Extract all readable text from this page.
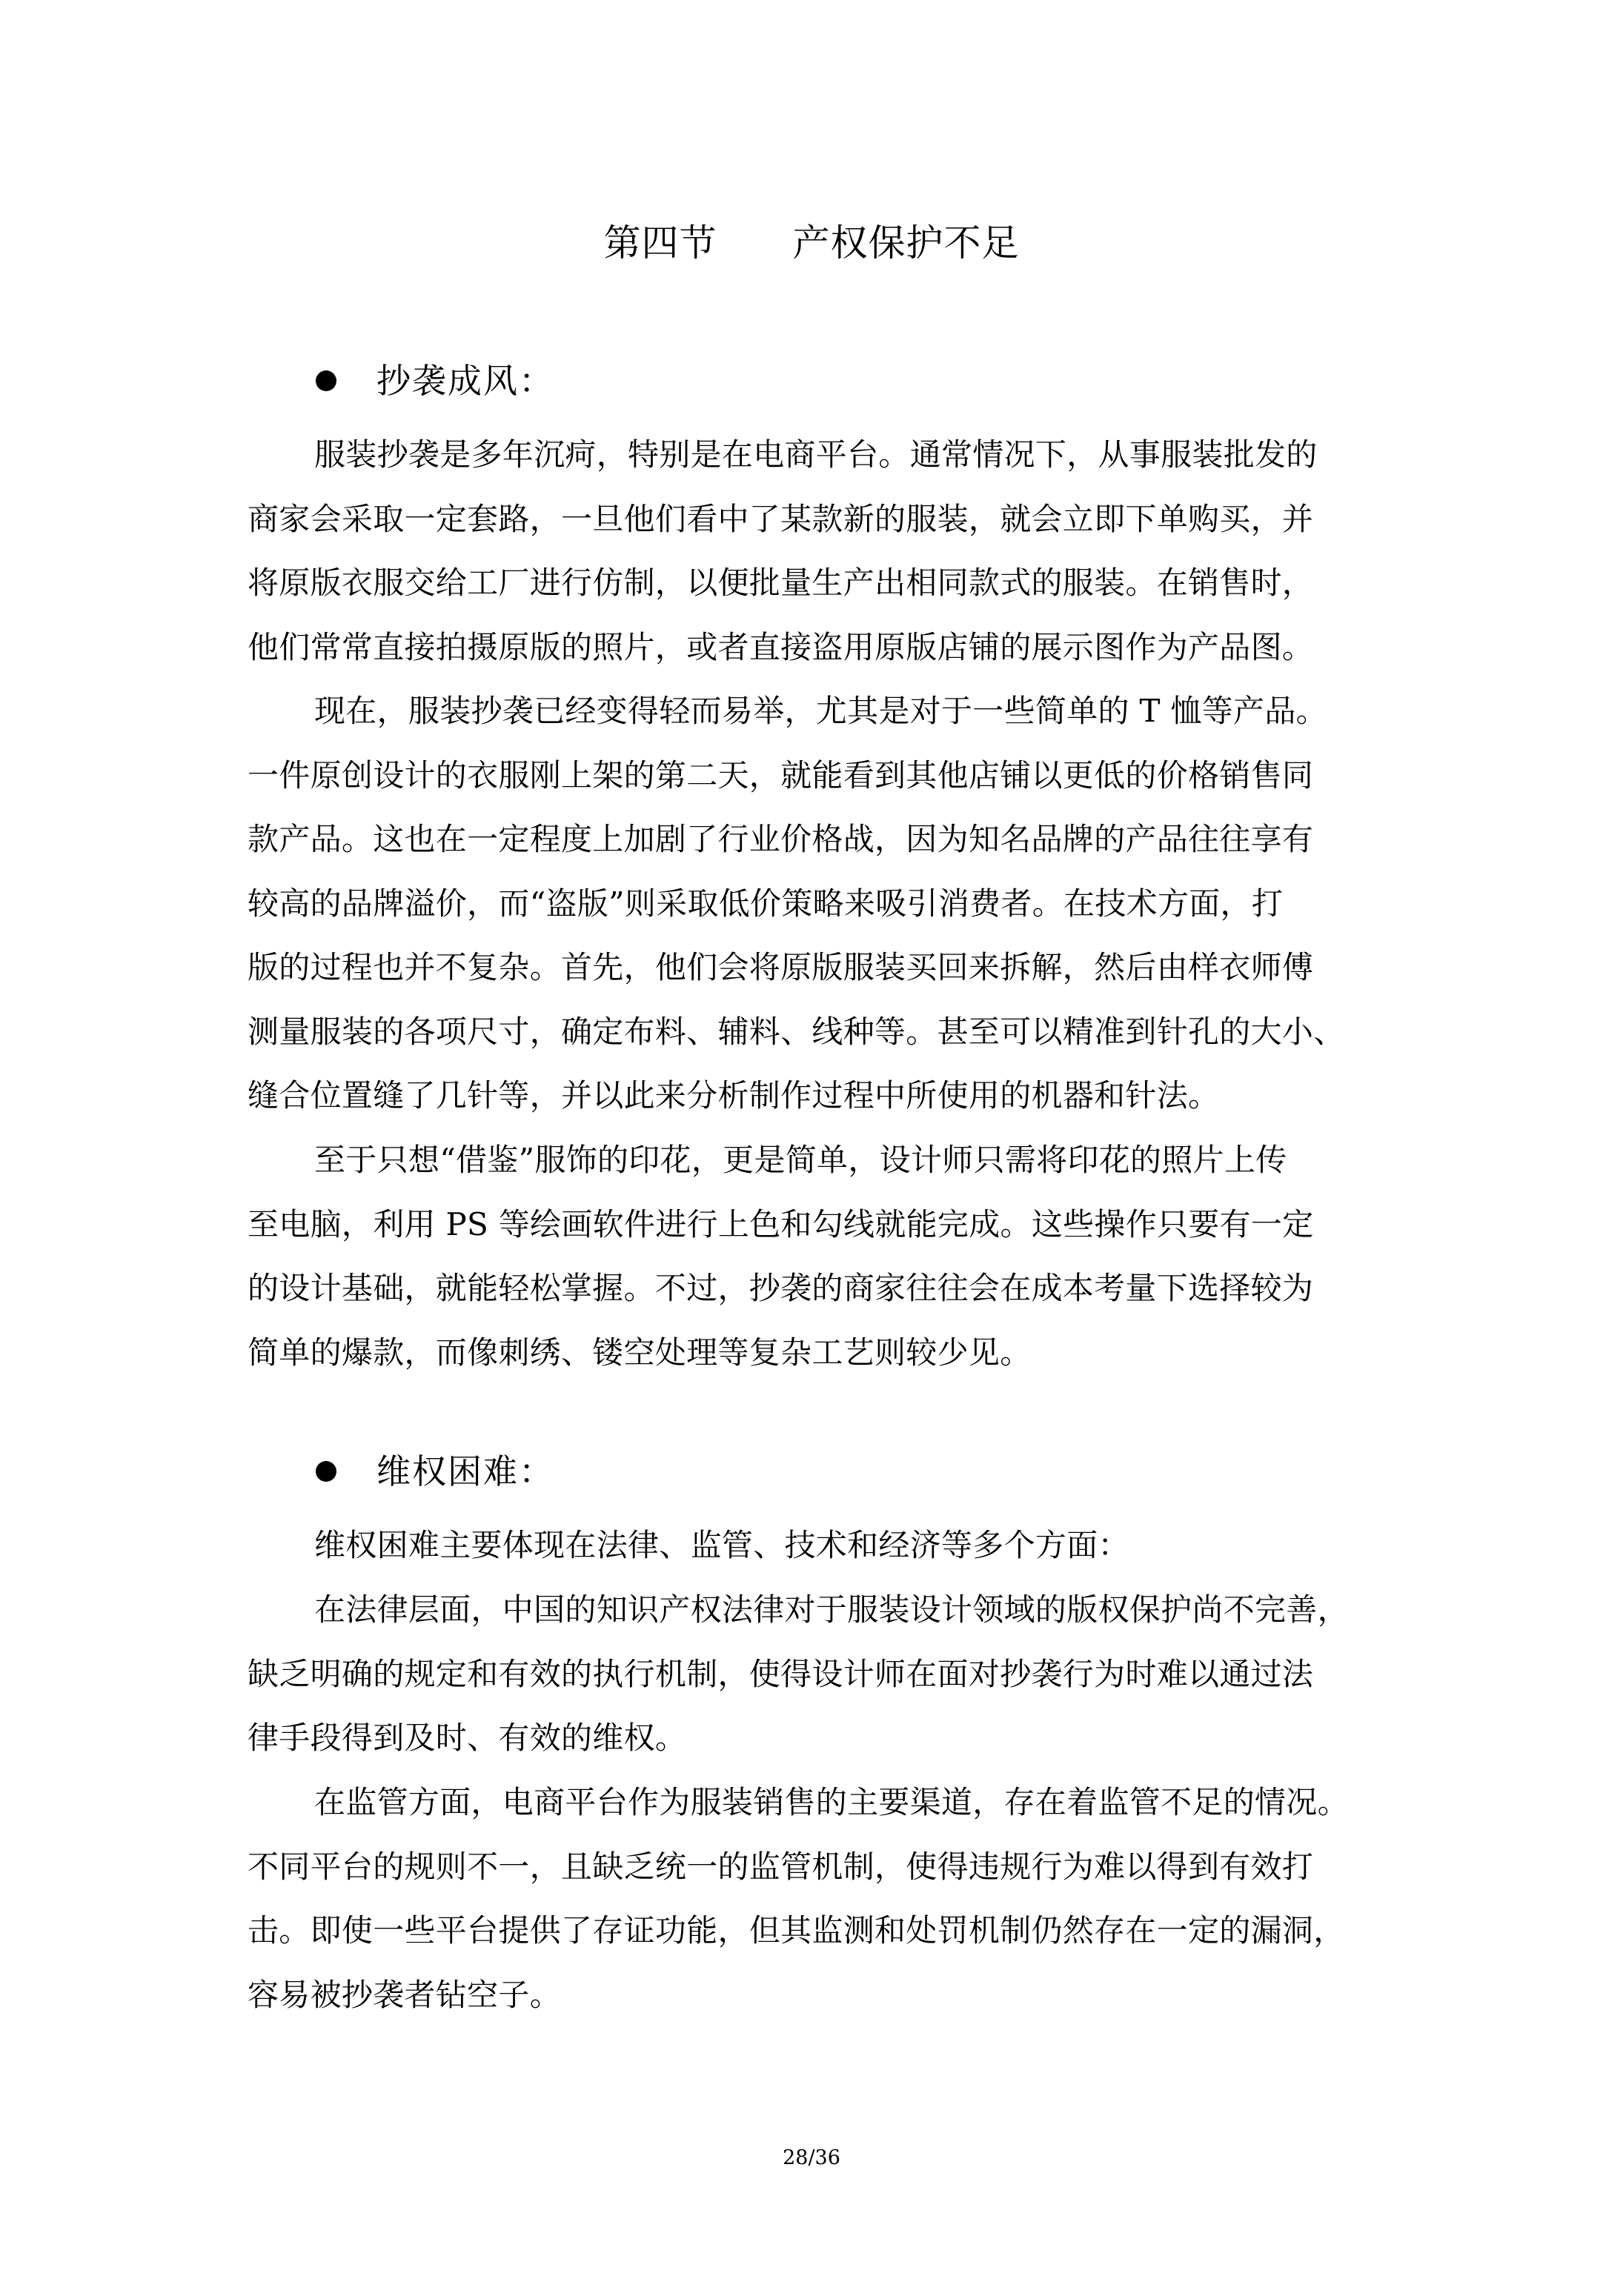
第四节　　产权保护不足
抄袭成风：
服装抄袭是多年沉疴，特别是在电商平台。通常情况下，从事服装批发的
商家会采取一定套路，一旦他们看中了某款新的服装，就会立即下单购买，并
将原版衣服交给工厂进行仿制，以便批量生产出相同款式的服装。在销售时，
他们常常直接拍摄原版的照片，或者直接盗用原版店铺的展示图作为产品图。
现在，服装抄袭已经变得轻而易举，尤其是对于一些简单的 T 恤等产品。
一件原创设计的衣服刚上架的第二天，就能看到其他店铺以更低的价格销售同
款产品。这也在一定程度上加剧了行业价格战，因为知名品牌的产品往往享有
较高的品牌溢价，而“盗版”则采取低价策略来吸引消费者。在技术方面，打
版的过程也并不复杂。首先，他们会将原版服装买回来拆解，然后由样衣师傅
测量服装的各项尺寸，确定布料、辅料、线种等。甚至可以精准到针孔的大小、
缝合位置缝了几针等，并以此来分析制作过程中所使用的机器和针法。
至于只想“借鉴”服饰的印花，更是简单，设计师只需将印花的照片上传
至电脑，利用 PS 等绘画软件进行上色和勾线就能完成。这些操作只要有一定
的设计基础，就能轻松掌握。不过，抄袭的商家往往会在成本考量下选择较为
简单的爆款，而像刺绣、镂空处理等复杂工艺则较少见。
维权困难：
维权困难主要体现在法律、监管、技术和经济等多个方面：
在法律层面，中国的知识产权法律对于服装设计领域的版权保护尚不完善，
缺乏明确的规定和有效的执行机制，使得设计师在面对抄袭行为时难以通过法
律手段得到及时、有效的维权。
在监管方面，电商平台作为服装销售的主要渠道，存在着监管不足的情况。
不同平台的规则不一，且缺乏统一的监管机制，使得违规行为难以得到有效打
击。即使一些平台提供了存证功能，但其监测和处罚机制仍然存在一定的漏洞，
容易被抄袭者钻空子。
28/36
